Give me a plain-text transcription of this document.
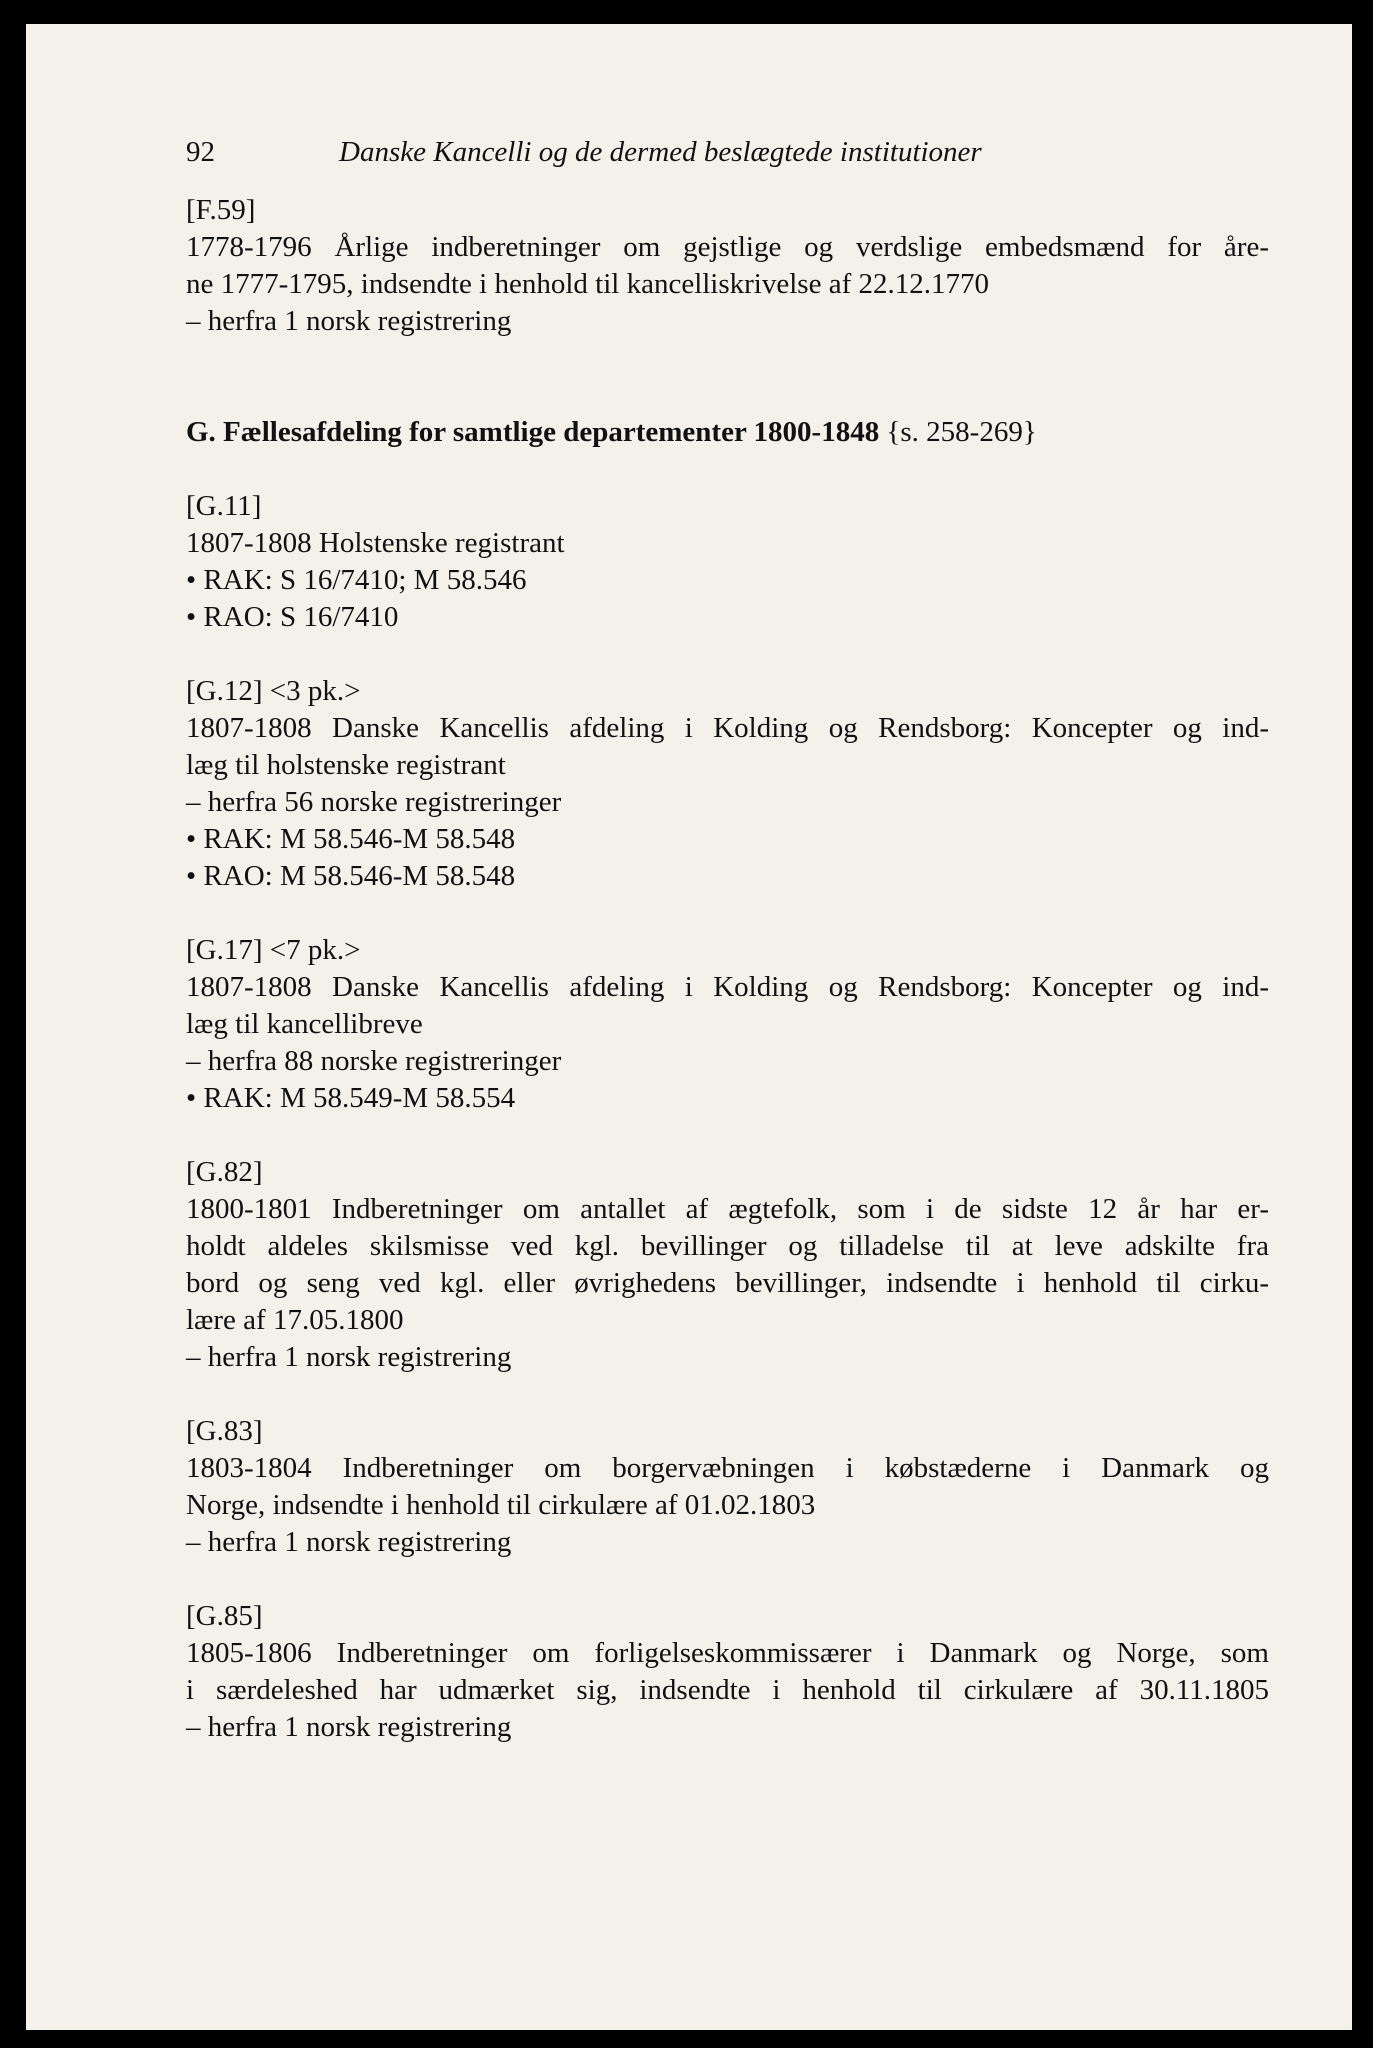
92	Danske Kancelli og de dermed beslægtede institutioner
[F.59]
1778-1796 Årlige indberetninger om gejstlige og verdslige embedsmænd for åre-
ne 1777-1795, indsendte i henhold til kancelliskrivelse af 22.12.1770
– herfra 1 norsk registrering
G. Fællesafdeling for samtlige departementer 1800-1848 {s. 258-269}
[G.11]
1807-1808 Holstenske registrant
• RAK: S 16/7410; M 58.546
• RAO: S 16/7410
[G.12] <3 pk.>
1807-1808 Danske Kancellis afdeling i Kolding og Rendsborg: Koncepter og ind-
læg til holstenske registrant
– herfra 56 norske registreringer
• RAK: M 58.546-M 58.548
• RAO: M 58.546-M 58.548
[G.17] <7 pk.>
1807-1808 Danske Kancellis afdeling i Kolding og Rendsborg: Koncepter og ind-
læg til kancellibreve
– herfra 88 norske registreringer
• RAK: M 58.549-M 58.554
[G.82]
1800-1801 Indberetninger om antallet af ægtefolk, som i de sidste 12 år har er-
holdt aldeles skilsmisse ved kgl. bevillinger og tilladelse til at leve adskilte fra
bord og seng ved kgl. eller øvrighedens bevillinger, indsendte i henhold til cirku-
lære af 17.05.1800
– herfra 1 norsk registrering
[G.83]
1803-1804 Indberetninger om borgervæbningen i købstæderne i Danmark og
Norge, indsendte i henhold til cirkulære af 01.02.1803
– herfra 1 norsk registrering
[G.85]
1805-1806 Indberetninger om forligelseskommissærer i Danmark og Norge, som
i særdeleshed har udmærket sig, indsendte i henhold til cirkulære af 30.11.1805
– herfra 1 norsk registrering
